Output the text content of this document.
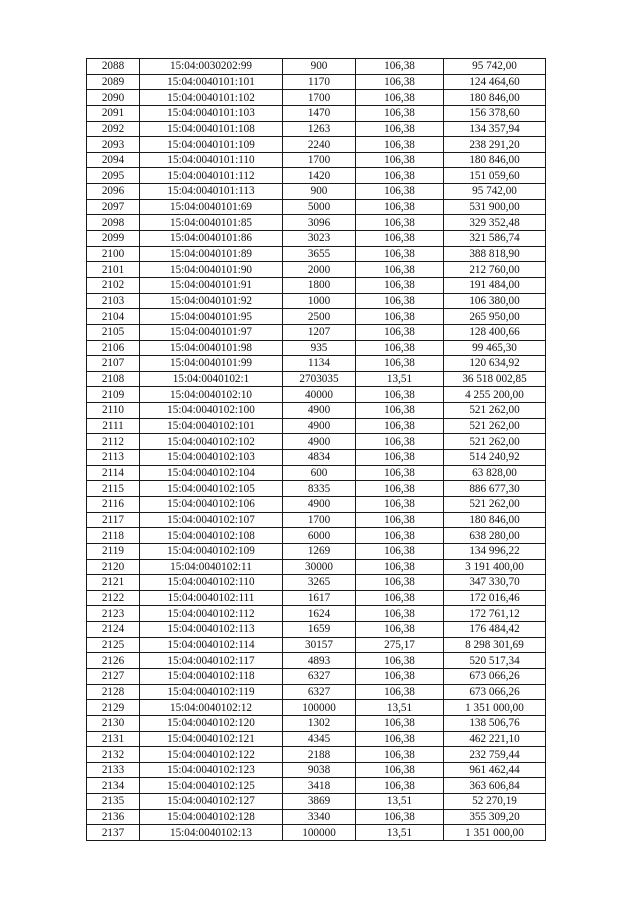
2088	15:04:0030202:99	900	106,38	95 742,00
2089	15:04:0040101:101	1170	106,38	124 464,60
2090	15:04:0040101:102	1700	106,38	180 846,00
2091	15:04:0040101:103	1470	106,38	156 378,60
2092	15:04:0040101:108	1263	106,38	134 357,94
2093	15:04:0040101:109	2240	106,38	238 291,20
2094	15:04:0040101:110	1700	106,38	180 846,00
2095	15:04:0040101:112	1420	106,38	151 059,60
2096	15:04:0040101:113	900	106,38	95 742,00
2097	15:04:0040101:69	5000	106,38	531 900,00
2098	15:04:0040101:85	3096	106,38	329 352,48
2099	15:04:0040101:86	3023	106,38	321 586,74
2100	15:04:0040101:89	3655	106,38	388 818,90
2101	15:04:0040101:90	2000	106,38	212 760,00
2102	15:04:0040101:91	1800	106,38	191 484,00
2103	15:04:0040101:92	1000	106,38	106 380,00
2104	15:04:0040101:95	2500	106,38	265 950,00
2105	15:04:0040101:97	1207	106,38	128 400,66
2106	15:04:0040101:98	935	106,38	99 465,30
2107	15:04:0040101:99	1134	106,38	120 634,92
2108	15:04:0040102:1	2703035	13,51	36 518 002,85
2109	15:04:0040102:10	40000	106,38	4 255 200,00
2110	15:04:0040102:100	4900	106,38	521 262,00
2111	15:04:0040102:101	4900	106,38	521 262,00
2112	15:04:0040102:102	4900	106,38	521 262,00
2113	15:04:0040102:103	4834	106,38	514 240,92
2114	15:04:0040102:104	600	106,38	63 828,00
2115	15:04:0040102:105	8335	106,38	886 677,30
2116	15:04:0040102:106	4900	106,38	521 262,00
2117	15:04:0040102:107	1700	106,38	180 846,00
2118	15:04:0040102:108	6000	106,38	638 280,00
2119	15:04:0040102:109	1269	106,38	134 996,22
2120	15:04:0040102:11	30000	106,38	3 191 400,00
2121	15:04:0040102:110	3265	106,38	347 330,70
2122	15:04:0040102:111	1617	106,38	172 016,46
2123	15:04:0040102:112	1624	106,38	172 761,12
2124	15:04:0040102:113	1659	106,38	176 484,42
2125	15:04:0040102:114	30157	275,17	8 298 301,69
2126	15:04:0040102:117	4893	106,38	520 517,34
2127	15:04:0040102:118	6327	106,38	673 066,26
2128	15:04:0040102:119	6327	106,38	673 066,26
2129	15:04:0040102:12	100000	13,51	1 351 000,00
2130	15:04:0040102:120	1302	106,38	138 506,76
2131	15:04:0040102:121	4345	106,38	462 221,10
2132	15:04:0040102:122	2188	106,38	232 759,44
2133	15:04:0040102:123	9038	106,38	961 462,44
2134	15:04:0040102:125	3418	106,38	363 606,84
2135	15:04:0040102:127	3869	13,51	52 270,19
2136	15:04:0040102:128	3340	106,38	355 309,20
2137	15:04:0040102:13	100000	13,51	1 351 000,00
